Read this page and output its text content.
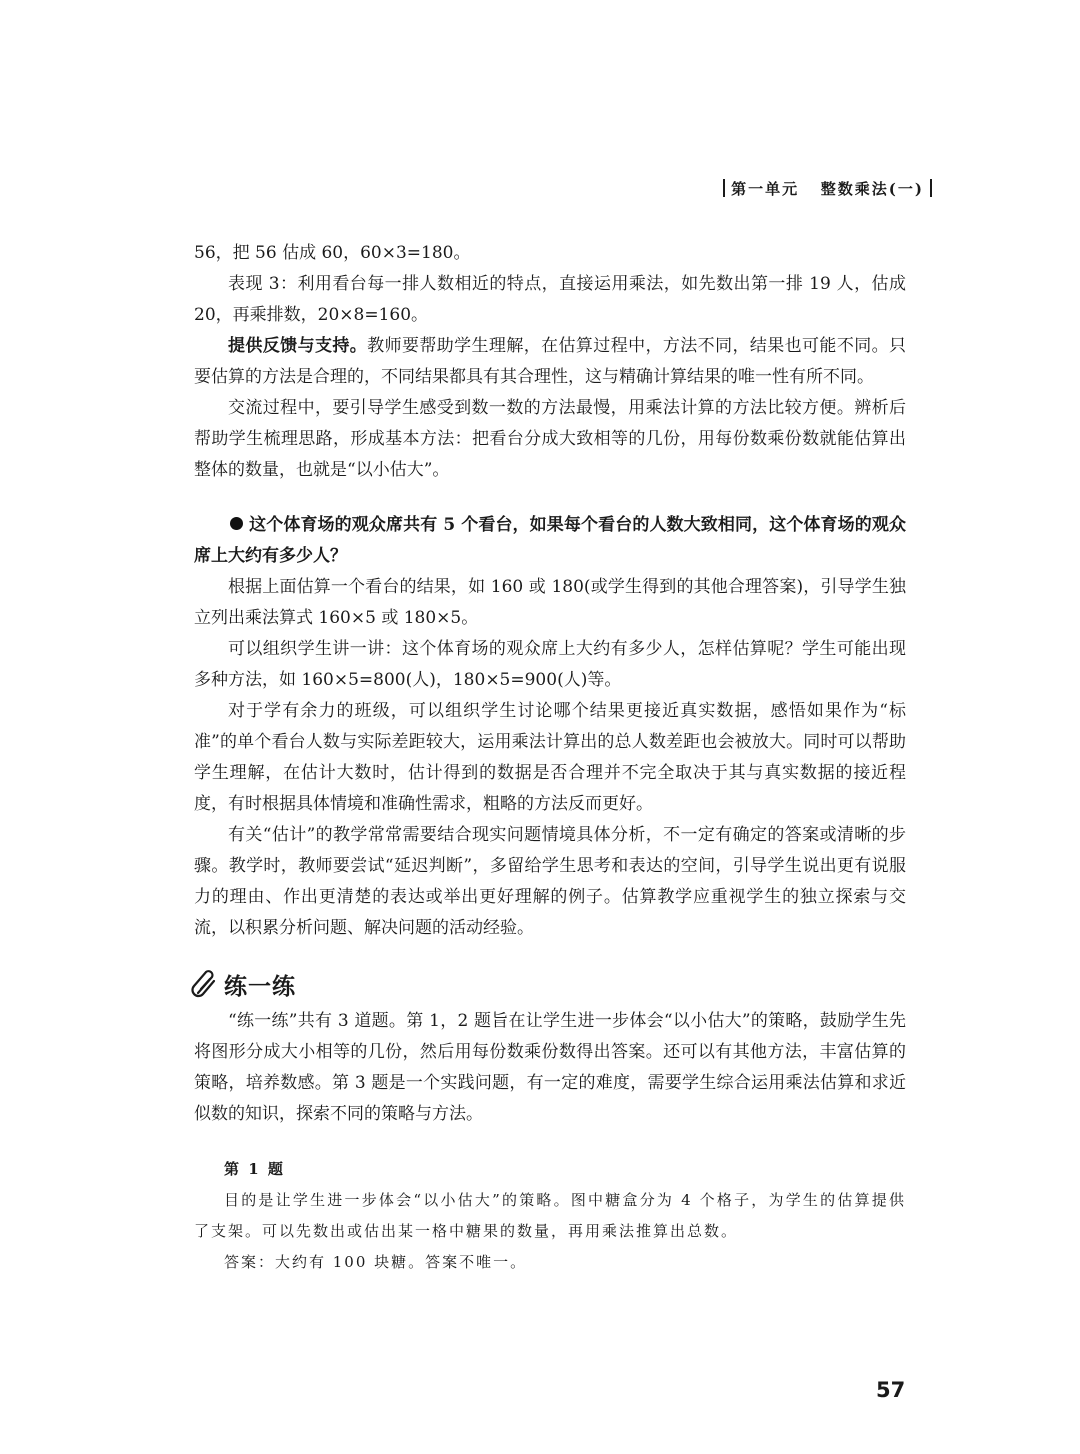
第一单元 整数乘法(一)

56，把 56 估成 60，60×3=180。

表现 3：利用看台每一排人数相近的特点，直接运用乘法，如先数出第一排 19 人，估成 20，再乘排数，20×8=160。

提供反馈与支持。教师要帮助学生理解，在估算过程中，方法不同，结果也可能不同。只要估算的方法是合理的，不同结果都具有其合理性，这与精确计算结果的唯一性有所不同。

交流过程中，要引导学生感受到数一数的方法最慢，用乘法计算的方法比较方便。辨析后帮助学生梳理思路，形成基本方法：把看台分成大致相等的几份，用每份数乘份数就能估算出整体的数量，也就是“以小估大”。

这个体育场的观众席共有 5 个看台，如果每个看台的人数大致相同，这个体育场的观众席上大约有多少人？

根据上面估算一个看台的结果，如 160 或 180(或学生得到的其他合理答案)，引导学生独立列出乘法算式 160×5 或 180×5。

可以组织学生讲一讲：这个体育场的观众席上大约有多少人，怎样估算呢？学生可能出现多种方法，如 160×5=800(人)，180×5=900(人)等。

对于学有余力的班级，可以组织学生讨论哪个结果更接近真实数据，感悟如果作为“标准”的单个看台人数与实际差距较大，运用乘法计算出的总人数差距也会被放大。同时可以帮助学生理解，在估计大数时，估计得到的数据是否合理并不完全取决于其与真实数据的接近程度，有时根据具体情境和准确性需求，粗略的方法反而更好。

有关“估计”的教学常常需要结合现实问题情境具体分析，不一定有确定的答案或清晰的步骤。教学时，教师要尝试“延迟判断”，多留给学生思考和表达的空间，引导学生说出更有说服力的理由、作出更清楚的表达或举出更好理解的例子。估算教学应重视学生的独立探索与交流，以积累分析问题、解决问题的活动经验。

练一练

“练一练”共有 3 道题。第 1，2 题旨在让学生进一步体会“以小估大”的策略，鼓励学生先将图形分成大小相等的几份，然后用每份数乘份数得出答案。还可以有其他方法，丰富估算的策略，培养数感。第 3 题是一个实践问题，有一定的难度，需要学生综合运用乘法估算和求近似数的知识，探索不同的策略与方法。

第 1 题

目的是让学生进一步体会“以小估大”的策略。图中糖盒分为 4 个格子，为学生的估算提供了支架。可以先数出或估出某一格中糖果的数量，再用乘法推算出总数。

答案：大约有 100 块糖。答案不唯一。

57
